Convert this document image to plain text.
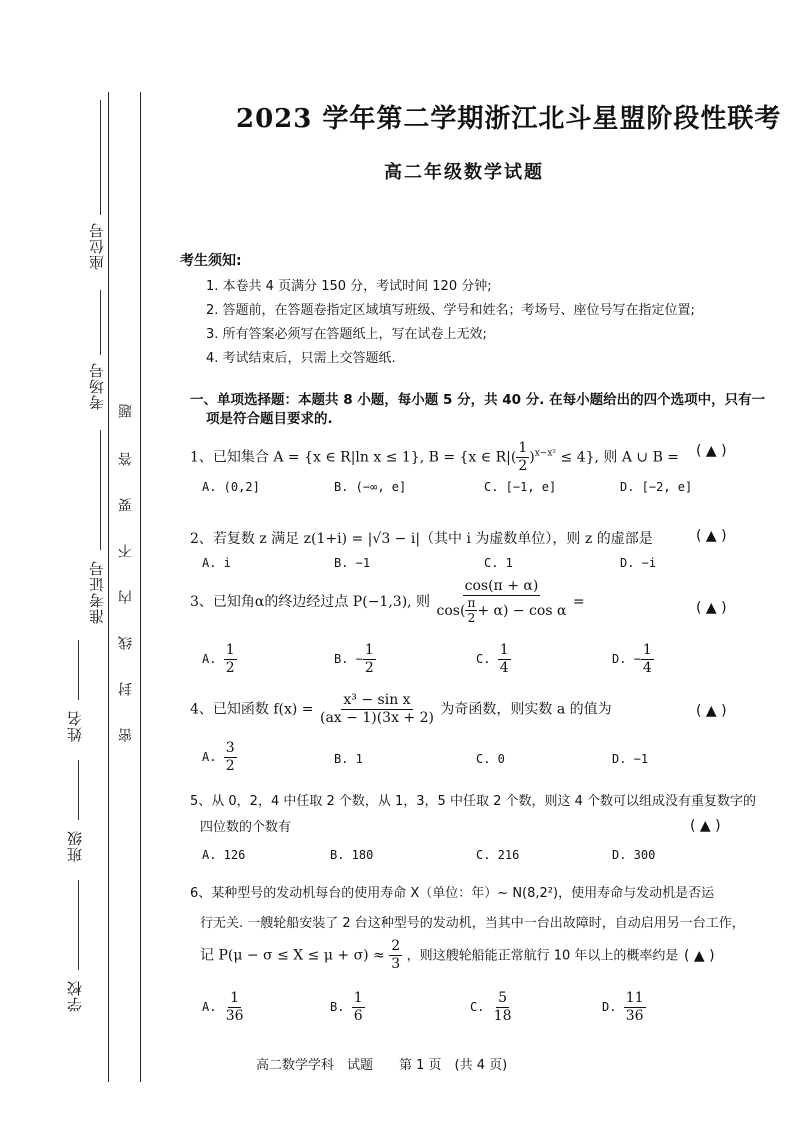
座位号
考场号
准考证号
姓名
班级
学校
题
答
要
不
内
线
封
密
2023 学年第二学期浙江北斗星盟阶段性联考
高二年级数学试题
考生须知:
1. 本卷共 4 页满分 150 分，考试时间 120 分钟;
2. 答题前，在答题卷指定区域填写班级、学号和姓名；考场号、座位号写在指定位置;
3. 所有答案必须写在答题纸上，写在试卷上无效;
4. 考试结束后，只需上交答题纸.
一、单项选择题：本题共 8 小题，每小题 5 分，共 40 分. 在每小题给出的四个选项中，只有一
项是符合题目要求的.
1、已知集合 A = {x ∈ R|ln x ≤ 1}, B = {x ∈ $R|( \frac{1}{2} )^{x-x^2} \le 4$}, 则 A ∪ B = ( ▲ )
A. (0,2]	B. (−∞, e]	C. [−1, e]	D. [−2, e]
2、若复数 z 满足 z(1+i) = |√3 − i|（其中 i 为虚数单位），则 z 的虚部是	( ▲ )
A. i	B. −1	C. 1	D. −i
3、已知角α的终边经过点 P(−1,3), 则 $\frac{\cos(\pi + \alpha)}{\cos( \frac{\pi}{2} + \alpha) - \cos \alpha}$ =	( ▲ )
A. $\frac{1}{2}$	B. − $\frac{1}{2}$	C. $\frac{1}{4}$	D. − $\frac{1}{4}$
4、已知函数 $f(x) = \frac{\text{x³ − sin x}}{(ax - 1)(3x + 2)}$ 为奇函数，则实数 a 的值为	( ▲ )
A. $\frac{3}{2}$	B. 1	C. 0	D. −1
5、从 0，2，4 中任取 2 个数，从 1，3，5 中任取 2 个数，则这 4 个数可以组成没有重复数字的
四位数的个数有	( ▲ )
A. 126	B. 180	C. 216	D. 300
6、某种型号的发动机每台的使用寿命 X（单位：年）~ N(8,2²)，使用寿命与发动机是否运
行无关. 一艘轮船安装了 2 台这种型号的发动机，当其中一台出故障时，自动启用另一台工作，
记 $P(\mu - \sigma \le X \le \mu + \sigma) \approx \frac{2}{3}$ ，则这艘轮船能正常航行 10 年以上的概率约是 ( ▲ )
A. $\frac{1}{36}$	B. $\frac{1}{6}$	C. $\frac{5}{18}$	D. $\frac{11}{36}$
高二数学学科　试题　　第 1 页　(共 4 页)
